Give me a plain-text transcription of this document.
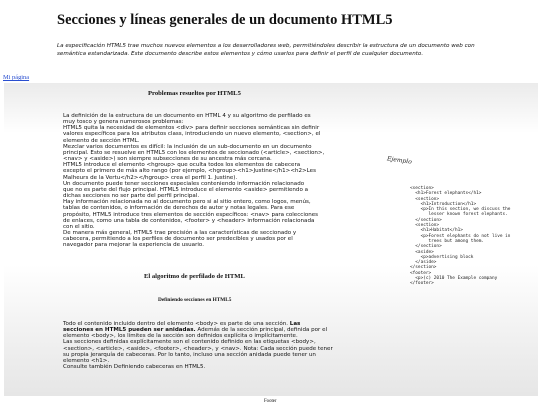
Secciones y líneas generales de un documento HTML5

La especificación HTML5 trae muchos nuevos elementos a los desarrolladores web, permitiéndoles describir la estructura de un documento web con semántica estandarizada. Este documento describe estos elementos y cómo usarlos para definir el perfil de cualquier documento.

Mi página
Problemas resueltos por HTML5
La definición de la estructura de un documento en HTML 4 y su algoritmo de perfilado es
muy tosco y genera numerosos problemas:
HTML5 quita la necesidad de elementos <div> para definir secciones semánticas sin definir
valores específicos para los atributos class, introduciendo un nuevo elemento, <section>, el
elemento de sección HTML.
Mezclar varios documentos es difícil: la inclusión de un sub-documento en un documento
principal. Esto se resuelve en HTML5 con los elementos de seccionado (<article>, <section>,
<nav> y <aside>) son siempre subsecciones de su ancestra más cercana.
HTML5 introduce el elemento <hgroup> que oculta todos los elementos de cabecera
excepto el primero de más alto rango (por ejemplo, <hgroup><h1>Justine</h1><h2>Les
Malheurs de la Vertu</h2></hgroup> crea el perfil 1. Justine).
Un documento puede tener secciones especiales conteniendo información relacionado
que no es parte del flujo principal. HTML5 introduce el elemento <aside> permitiendo a
dichas secciones no ser parte del perfil principal.
Hay información relacionada no al documento pero si al sitio entero, como logos, menús,
tablas de contenidos, o información de derechos de autor y notas legales. Para ese
propósito, HTML5 introduce tres elementos de sección específicos: <nav> para colecciones
de enlaces, como una tabla de contenidos, <footer> y <header> información relacionada
con el sitio.
De manera más general, HTML5 trae precisión a las características de seccionado y
cabecera, permitiendo a los perfiles de documento ser predecibles y usados por el
navegador para mejorar la experiencia de usuario.
El algoritmo de perfilado de HTML
Definiendo secciones en HTML5
Todo el contenido incluido dentro del elemento <body> es parte de una sección. Las
secciones en HTML5 pueden ser anidadas. Además de la sección principal, definida por el
elemento <body>, los límites de la sección son definidos explícita o implícitamente.
Las secciones definidas explícitamente son el contenido definido en las etiquetas <body>,
<section>, <article>, <aside>, <footer>, <header>, y <nav>. Nota: Cada sección puede tener
su propia jerarquía de cabeceras. Por lo tanto, incluso una sección anidada puede tener un
elemento <h1>.
Consulte también Definiendo cabeceras en HTML5.
Ejemplo
<section>
<h1>Forest elephants</h1>
<section>
<h1>Introduction</h1>
<p>In this section, we discuss the
lesser known forest elephants.
</section>
<section>
<h1>Habitat</h1>
<p>Forest elephants do not live in
trees but among them.
</section>
<aside>
<p>advertising block
</aside>
</section>
<footer>
<p>(c) 2010 The Example company
</footer>
Footer
